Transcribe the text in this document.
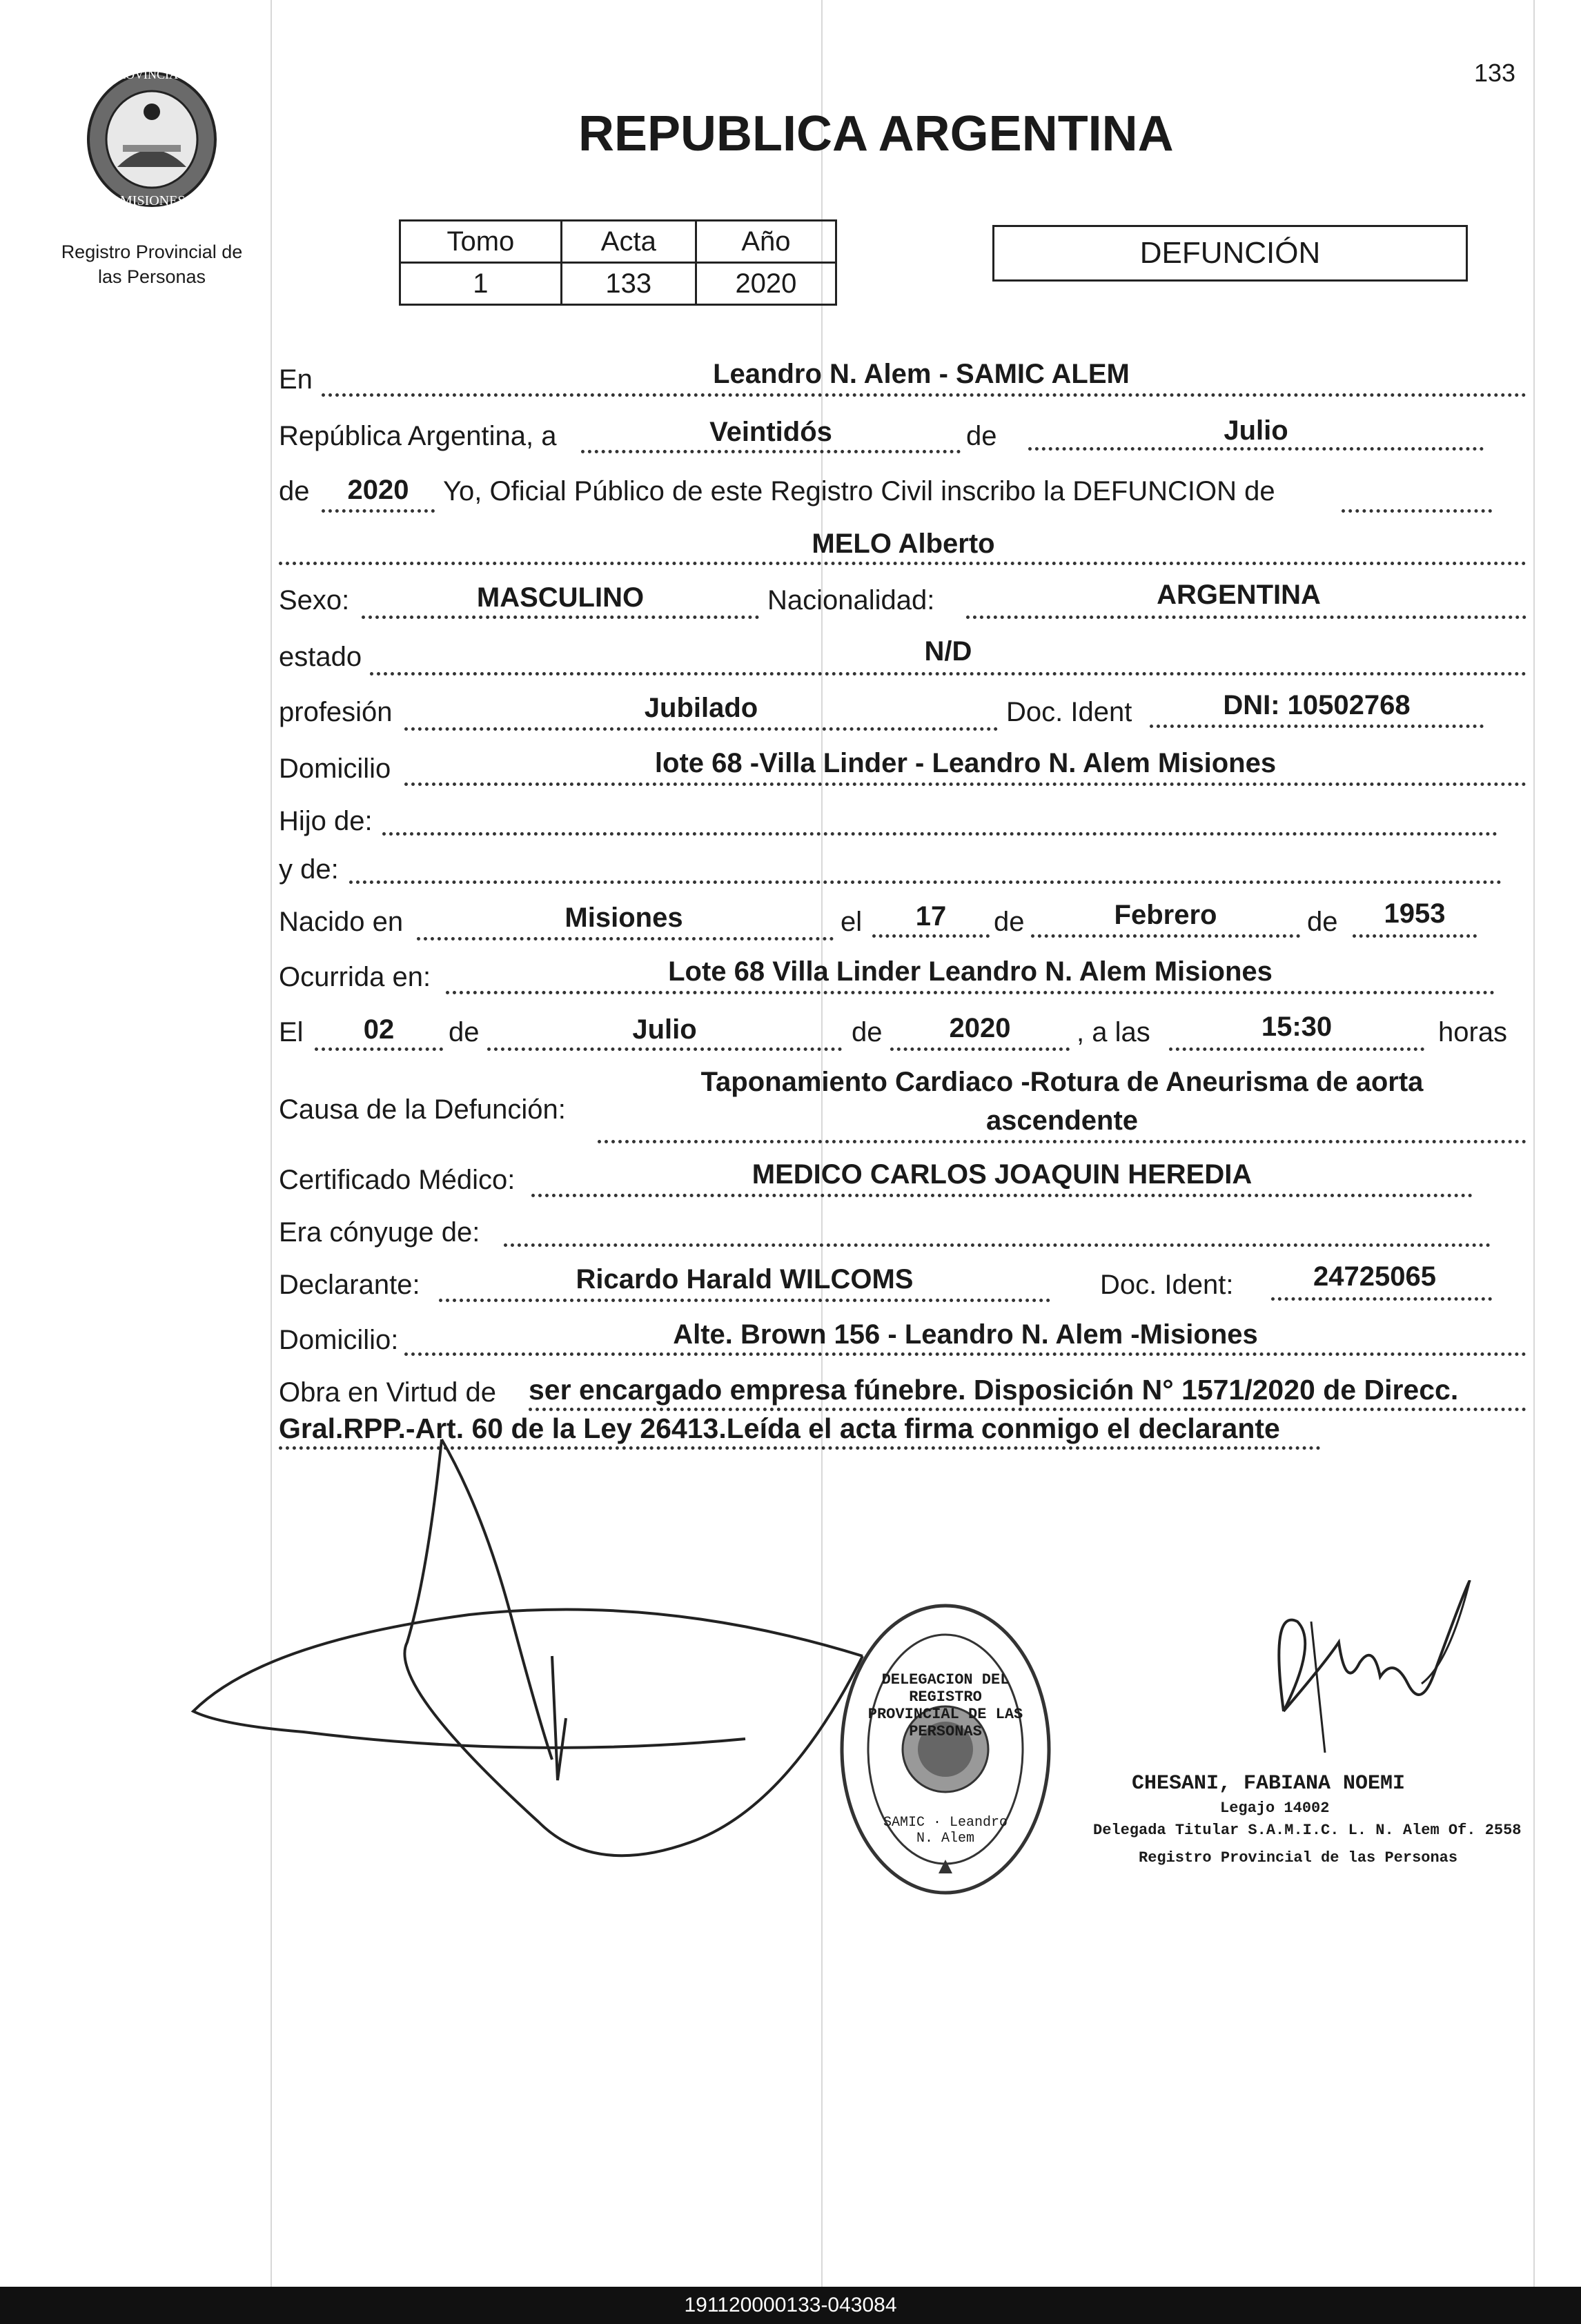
133
PROVINCIA DE
MISIONES
Registro Provincial de
las Personas
REPUBLICA ARGENTINA
Tomo	Acta	Año
1	133	2020
DEFUNCIÓN
En	Leandro N. Alem - SAMIC ALEM
República Argentina, a	Veintidós	de	Julio
de	2020	Yo, Oficial Público de este Registro Civil inscribo la DEFUNCION de
MELO Alberto
Sexo:	MASCULINO	Nacionalidad:	ARGENTINA
estado	N/D
profesión	Jubilado	Doc. Ident	DNI: 10502768
Domicilio	lote 68 -Villa Linder - Leandro N. Alem Misiones
Hijo de:
y de:
Nacido en	Misiones	el	17	de	Febrero	de	1953
Ocurrida en:	Lote 68 Villa Linder Leandro N. Alem Misiones
El	02	de	Julio	de	2020	, a las	15:30	horas
Causa de la Defunción:
Taponamiento Cardiaco -Rotura de Aneurisma de aorta
ascendente
Certificado Médico:	MEDICO CARLOS JOAQUIN HEREDIA
Era cónyuge de:
Declarante:	Ricardo Harald WILCOMS	Doc. Ident:	24725065
Domicilio:	Alte. Brown 156 - Leandro N. Alem -Misiones
Obra en Virtud de ser encargado empresa fúnebre. Disposición N° 1571/2020 de Direcc.
Gral.RPP.-Art. 60 de la Ley 26413.Leída el acta firma conmigo el declarante
DELEGACION DEL REGISTRO PROVINCIAL DE LAS PERSONAS
SAMIC · Leandro N. Alem
CHESANI, FABIANA NOEMI
Legajo 14002
Delegada Titular S.A.M.I.C. L. N. Alem Of. 2558
Registro Provincial de las Personas
191120000133-043084
